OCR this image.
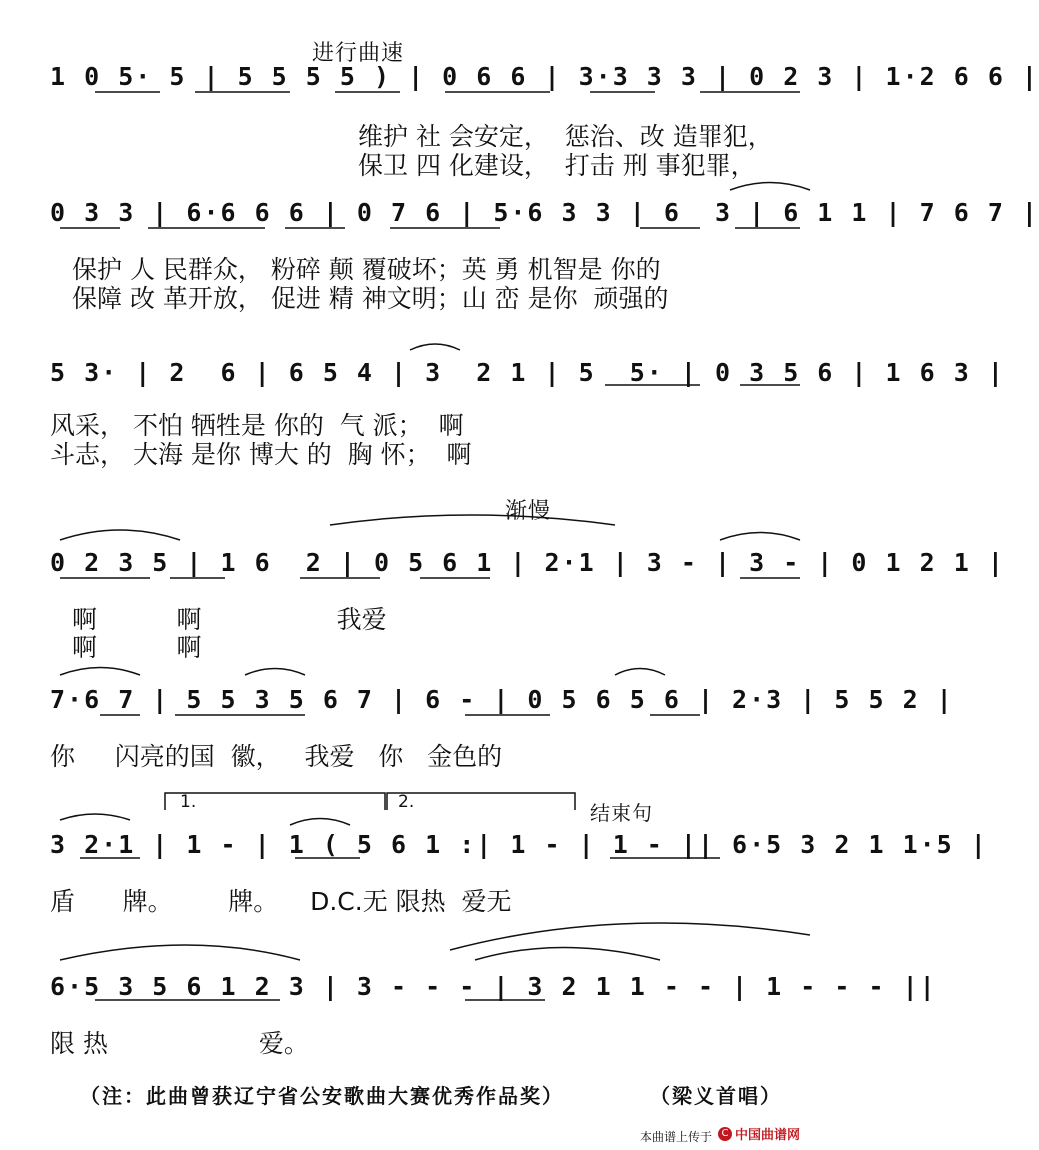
进行曲速
渐慢
1 0 5· 5 | 5 5 5 5 ) | 0 6 6 | 3·3 3 3 | 0 2 3 | 1·2 6 6 |
维护 社 会安定，  惩治、改 造罪犯，
保卫 四 化建设，  打击 刑 事犯罪，
0 3 3 | 6·6 6 6 | 0 7 6 | 5·6 3 3 | 6  3 | 6 1 1 | 7 6 7 |
保护 人 民群众， 粉碎 颠 覆破坏；英 勇 机智是 你的
保障 改 革开放， 促进 精 神文明；山 峦 是你  顽强的
5 3· | 2  6 | 6 5 4 | 3  2 1 | 5  5· | 0 3 5 6 | 1 6 3 |
风采， 不怕 牺牲是 你的  气 派；  啊
斗志， 大海 是你 博大 的  胸 怀；  啊
0 2 3 5 | 1 6  2 | 0 5 6 1 | 2·1 | 3 - | 3 - | 0 1 2 1 |
啊          啊                 我爱
啊          啊
7·6 7 | 5 5 3 5 6 7 | 6 - | 0 5 6 5 6 | 2·3 | 5 5 2 |
你     闪亮的国  徽，   我爱   你   金色的
1.	2.	结束句
3 2·1 | 1 - | 1 ( 5 6 1 :| 1 - | 1 - || 6·5 3 2 1 1·5 |
盾      牌。       牌。    D.C.无 限热  爱无
6·5 3 5 6 1 2 3 | 3 - - - | 3 2 1 1 - - | 1 - - - ||
限 热                   爱。
（注：此曲曾获辽宁省公安歌曲大赛优秀作品奖）	（梁义首唱）
本曲谱上传于 C 中国曲谱网
